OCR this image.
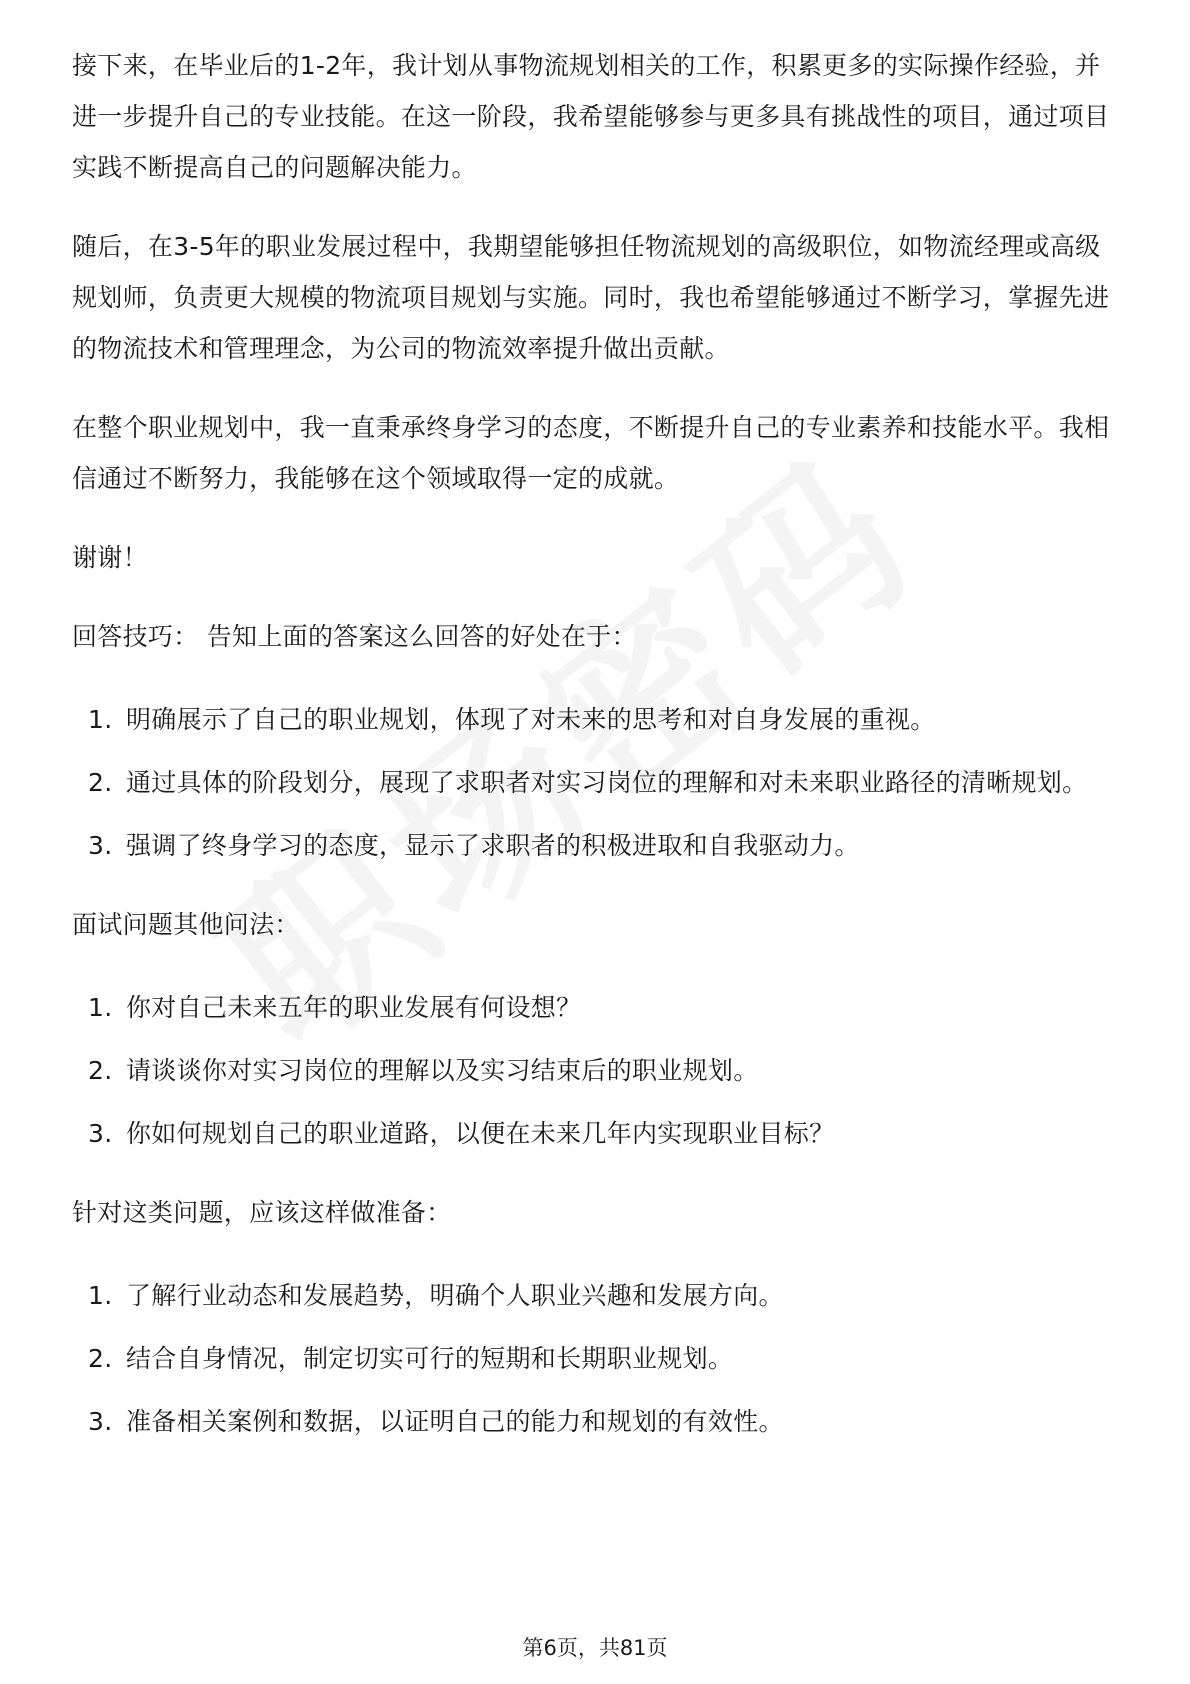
接下来，在毕业后的1-2年，我计划从事物流规划相关的工作，积累更多的实际操作经验，并进一步提升自己的专业技能。在这一阶段，我希望能够参与更多具有挑战性的项目，通过项目实践不断提高自己的问题解决能力。

随后，在3-5年的职业发展过程中，我期望能够担任物流规划的高级职位，如物流经理或高级规划师，负责更大规模的物流项目规划与实施。同时，我也希望能够通过不断学习，掌握先进的物流技术和管理理念，为公司的物流效率提升做出贡献。

在整个职业规划中，我一直秉承终身学习的态度，不断提升自己的专业素养和技能水平。我相信通过不断努力，我能够在这个领域取得一定的成就。

谢谢！

回答技巧： 告知上面的答案这么回答的好处在于：

1. 明确展示了自己的职业规划，体现了对未来的思考和对自身发展的重视。
2. 通过具体的阶段划分，展现了求职者对实习岗位的理解和对未来职业路径的清晰规划。
3. 强调了终身学习的态度，显示了求职者的积极进取和自我驱动力。

面试问题其他问法：

1. 你对自己未来五年的职业发展有何设想？
2. 请谈谈你对实习岗位的理解以及实习结束后的职业规划。
3. 你如何规划自己的职业道路，以便在未来几年内实现职业目标？

针对这类问题，应该这样做准备：

1. 了解行业动态和发展趋势，明确个人职业兴趣和发展方向。
2. 结合自身情况，制定切实可行的短期和长期职业规划。
3. 准备相关案例和数据，以证明自己的能力和规划的有效性。
第6页，共81页
